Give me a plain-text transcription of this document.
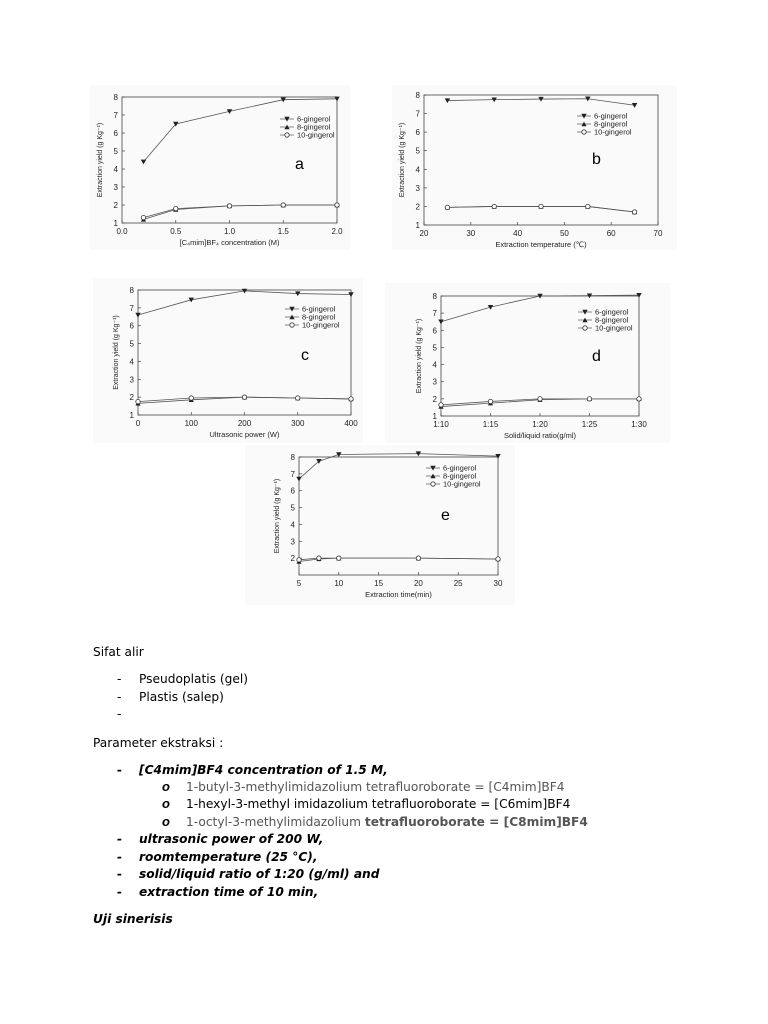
1
2
3
4
5
6
7
8
0.0	0.5	1.0	1.5	2.0
[C₄mim]BF₄ concentration (M)
Extraction yield (g Kg⁻¹)
6-gingerol
8-gingerol
10-gingerol
a
1
2
3
4
5
6
7
8
20	30	40	50	60	70
Extraction temperature (℃)
Extraction yield (g Kg⁻¹)
6-gingerol
8-gingerol
10-gingerol
b
1
2
3
4
5
6
7
8
0	100	200	300	400
Ultrasonic power (W)
Extraction yield (g Kg⁻¹)
6-gingerol
8-gingerol
10-gingerol
c
1
2
3
4
5
6
7
8
1:10	1:15	1:20	1:25	1:30
Solid/liquid ratio(g/ml)
Extraction yield (g Kg⁻¹)
6-gingerol
8-gingerol
10-gingerol
d
2
3
4
5
6
7
8
5	10	15	20	25	30
Extraction time(min)
Extraction yield (g Kg⁻¹)
6-gingerol
8-gingerol
10-gingerol
e
Sifat alir
- Pseudoplatis (gel)
- Plastis (salep)
-
Parameter ekstraksi :
- [C4mim]BF4 concentration of 1.5 M,
o 1-butyl-3-methylimidazolium tetrafluoroborate = [C4mim]BF4
o 1-hexyl-3-methyl imidazolium tetrafluoroborate = [C6mim]BF4
o 1-octyl-3-methylimidazolium tetrafluoroborate = [C8mim]BF4
- ultrasonic power of 200 W,
- roomtemperature (25 °C),
- solid/liquid ratio of 1:20 (g/ml) and
- extraction time of 10 min,
Uji sinerisis
